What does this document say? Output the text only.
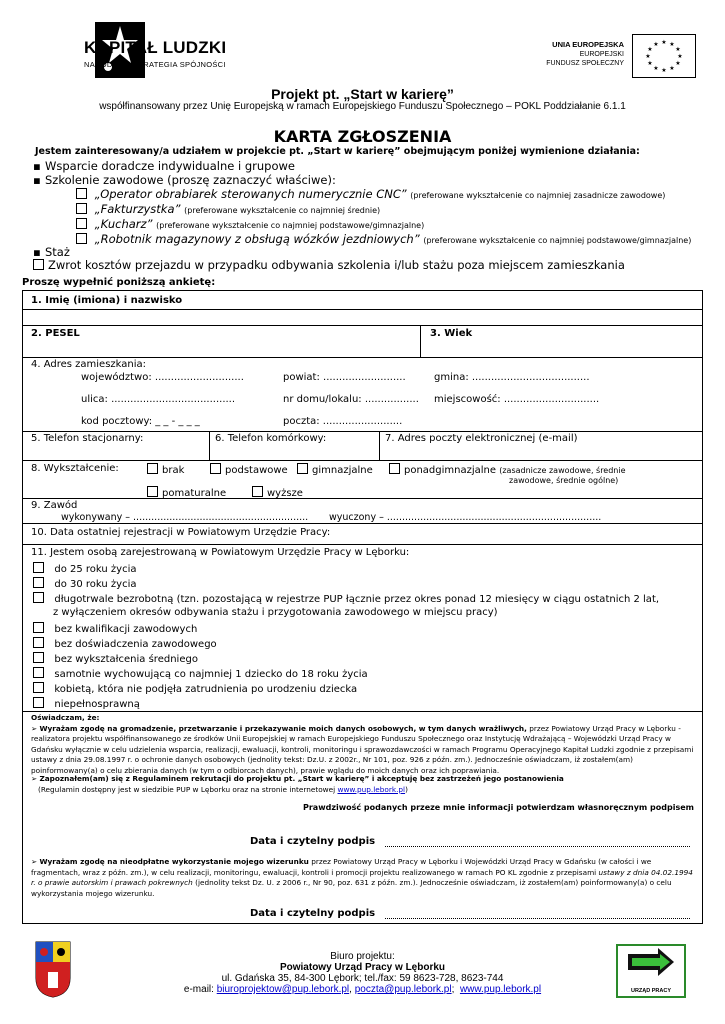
KAPITAŁ LUDZKI
NARODOWA STRATEGIA SPÓJNOŚCI
UNIA EUROPEJSKA
EUROPEJSKI
FUNDUSZ SPOŁECZNY
★ ★
★
★
★
★
★
★
★
★
★
★
Projekt pt. „Start w karierę”
współfinansowany przez Unię Europejską w ramach Europejskiego Funduszu Społecznego – POKL Poddziałanie 6.1.1
KARTA ZGŁOSZENIA
Jestem zainteresowany/a udziałem w projekcie pt. „Start w karierę” obejmującym poniżej wymienione działania:
▪ Wsparcie doradcze indywidualne i grupowe
▪ Szkolenie zawodowe (proszę zaznaczyć właściwe):
„Operator obrabiarek sterowanych numerycznie CNC” (preferowane wykształcenie co najmniej zasadnicze zawodowe)
„Fakturzystka” (preferowane wykształcenie co najmniej średnie)
„Kucharz” (preferowane wykształcenie co najmniej podstawowe/gimnazjalne)
„Robotnik magazynowy z obsługą wózków jezdniowych” (preferowane wykształcenie co najmniej podstawowe/gimnazjalne)
▪ Staż
Zwrot kosztów przejazdu w przypadku odbywania szkolenia i/lub stażu poza miejscem zamieszkania
Proszę wypełnić poniższą ankietę:
1. Imię (imiona) i nazwisko
2. PESEL	3. Wiek
4. Adres zamieszkania:
województwo: ............................	powiat: ..........................	gmina: .....................................
ulica: .......................................	nr domu/lokalu: ................. miejscowość: ..............................
kod pocztowy: _ _ - _ _ _	poczta: .........................
5. Telefon stacjonarny:	6. Telefon komórkowy:	7. Adres poczty elektronicznej (e-mail)
8. Wykształcenie:	brak	podstawowe	gimnazjalne	ponadgimnazjalne (zasadnicze zawodowe, średnie
zawodowe, średnie ogólne)
pomaturalne	wyższe
9. Zawód
wykonywany – .......................................................... wyuczony – .......................................................................
10. Data ostatniej rejestracji w Powiatowym Urzędzie Pracy:
11. Jestem osobą zarejestrowaną w Powiatowym Urzędzie Pracy w Lęborku:
do 25 roku życia
do 30 roku życia
długotrwale bezrobotną (tzn. pozostającą w rejestrze PUP łącznie przez okres ponad 12 miesięcy w ciągu ostatnich 2 lat,
z wyłączeniem okresów odbywania stażu i przygotowania zawodowego w miejscu pracy)
bez kwalifikacji zawodowych
bez doświadczenia zawodowego
bez wykształcenia średniego
samotnie wychowującą co najmniej 1 dziecko do 18 roku życia
kobietą, która nie podjęła zatrudnienia po urodzeniu dziecka
niepełnosprawną
Oświadczam, że:
➢ Wyrażam zgodę na gromadzenie, przetwarzanie i przekazywanie moich danych osobowych, w tym danych wrażliwych, przez Powiatowy Urząd Pracy w Lęborku - realizatora projektu współfinansowanego ze środków Unii Europejskiej w ramach Europejskiego Funduszu Społecznego oraz Instytucję Wdrażającą – Wojewódzki Urząd Pracy w Gdańsku wyłącznie w celu udzielenia wsparcia, realizacji, ewaluacji, kontroli, monitoringu i sprawozdawczości w ramach Programu Operacyjnego Kapitał Ludzki zgodnie z przepisami ustawy z dnia 29.08.1997 r. o ochronie danych osobowych (jednolity tekst: Dz.U. z 2002r., Nr 101, poz. 926 z późn. zm.). Jednocześnie oświadczam, iż zostałem(am) poinformowany(a) o celu zbierania danych (w tym o odbiorcach danych), prawie wglądu do moich danych oraz ich poprawiania.
➢ Zapoznałem(am) się z Regulaminem rekrutacji do projektu pt. „Start w karierę” i akceptuję bez zastrzeżeń jego postanowienia
(Regulamin dostępny jest w siedzibie PUP w Lęborku oraz na stronie internetowej www.pup.lebork.pl)
Prawdziwość podanych przeze mnie informacji potwierdzam własnoręcznym podpisem
Data i czytelny podpis
➢ Wyrażam zgodę na nieodpłatne wykorzystanie mojego wizerunku przez Powiatowy Urząd Pracy w Lęborku i Wojewódzki Urząd Pracy w Gdańsku (w całości i we fragmentach, wraz z późn. zm.), w celu realizacji, monitoringu, ewaluacji, kontroli i promocji projektu realizowanego w ramach PO KL zgodnie z przepisami ustawy z dnia 04.02.1994 r. o prawie autorskim i prawach pokrewnych (jednolity tekst Dz. U. z 2006 r., Nr 90, poz. 631 z późn. zm.). Jednocześnie oświadczam, iż zostałem(am) poinformowany(a) o celu wykorzystania mojego wizerunku.
Data i czytelny podpis
Biuro projektu:
Powiatowy Urząd Pracy w Lęborku
ul. Gdańska 35, 84-300 Lębork; tel./fax: 59 8623-728, 8623-744
e-mail: biuroprojektow@pup.lebork.pl, poczta@pup.lebork.pl;  www.pup.lebork.pl	URZĄD PRACY
